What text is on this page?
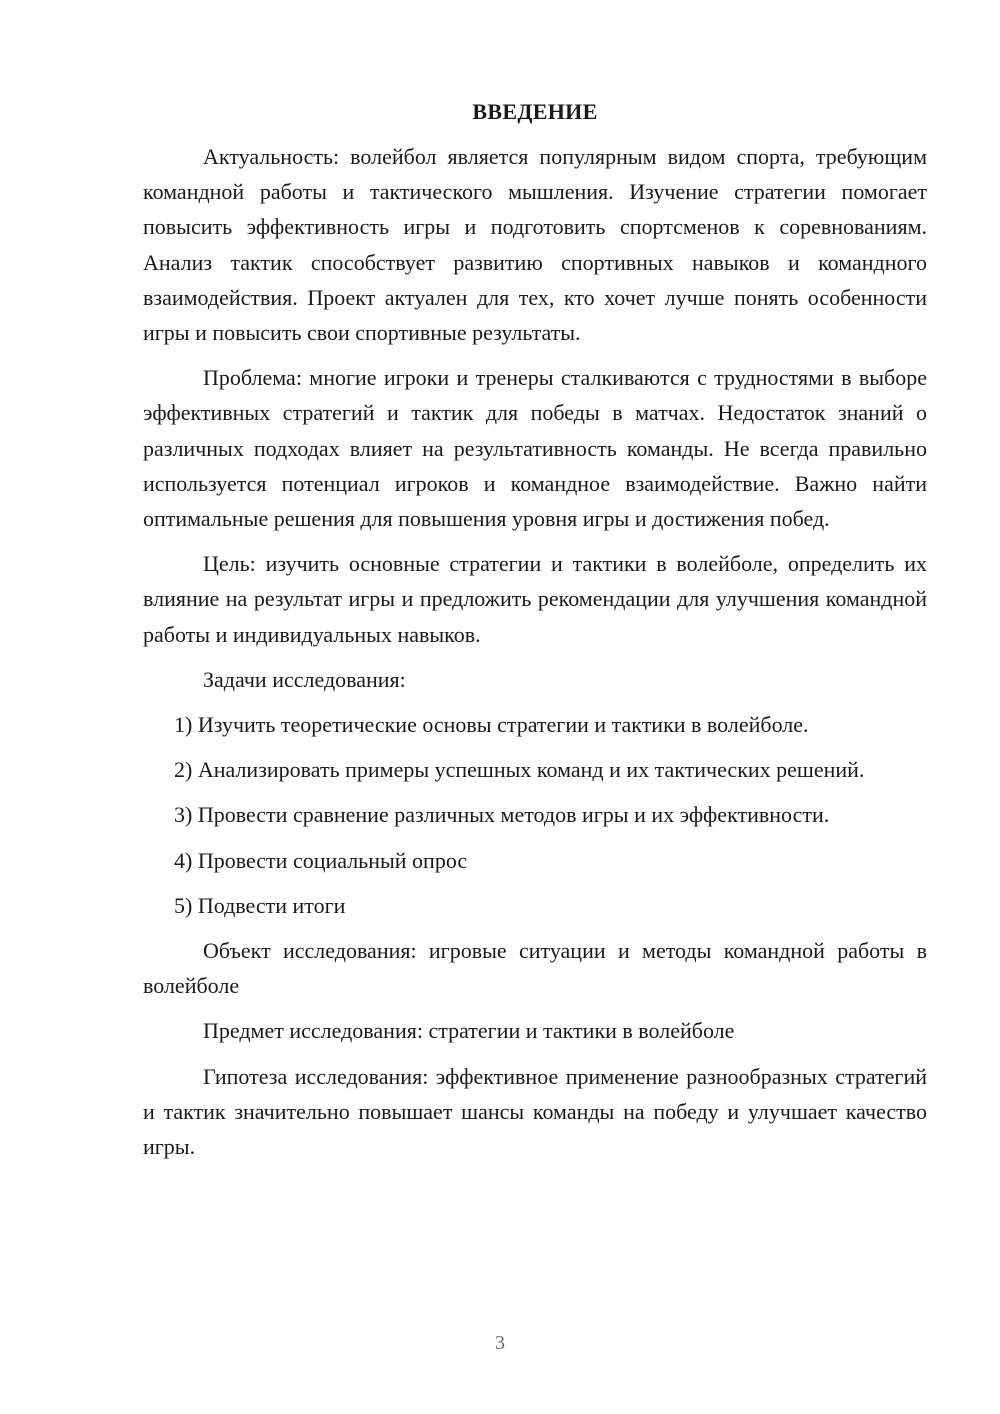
ВВЕДЕНИЕ

Актуальность: волейбол является популярным видом спорта, требующим командной работы и тактического мышления. Изучение стратегии помогает повысить эффективность игры и подготовить спортсменов к соревнованиям. Анализ тактик способствует развитию спортивных навыков и командного взаимодействия. Проект актуален для тех, кто хочет лучше понять особенности игры и повысить свои спортивные результаты.

Проблема: многие игроки и тренеры сталкиваются с трудностями в выборе эффективных стратегий и тактик для победы в матчах. Недостаток знаний о различных подходах влияет на результативность команды. Не всегда правильно используется потенциал игроков и командное взаимодействие. Важно найти оптимальные решения для повышения уровня игры и достижения побед.

Цель: изучить основные стратегии и тактики в волейболе, определить их влияние на результат игры и предложить рекомендации для улучшения командной работы и индивидуальных навыков.

Задачи исследования:

1) Изучить теоретические основы стратегии и тактики в волейболе.

2) Анализировать примеры успешных команд и их тактических решений.

3) Провести сравнение различных методов игры и их эффективности.

4) Провести социальный опрос

5) Подвести итоги

Объект исследования: игровые ситуации и методы командной работы в волейболе

Предмет исследования: стратегии и тактики в волейболе

Гипотеза исследования: эффективное применение разнообразных стратегий и тактик значительно повышает шансы команды на победу и улучшает качество игры.

3
